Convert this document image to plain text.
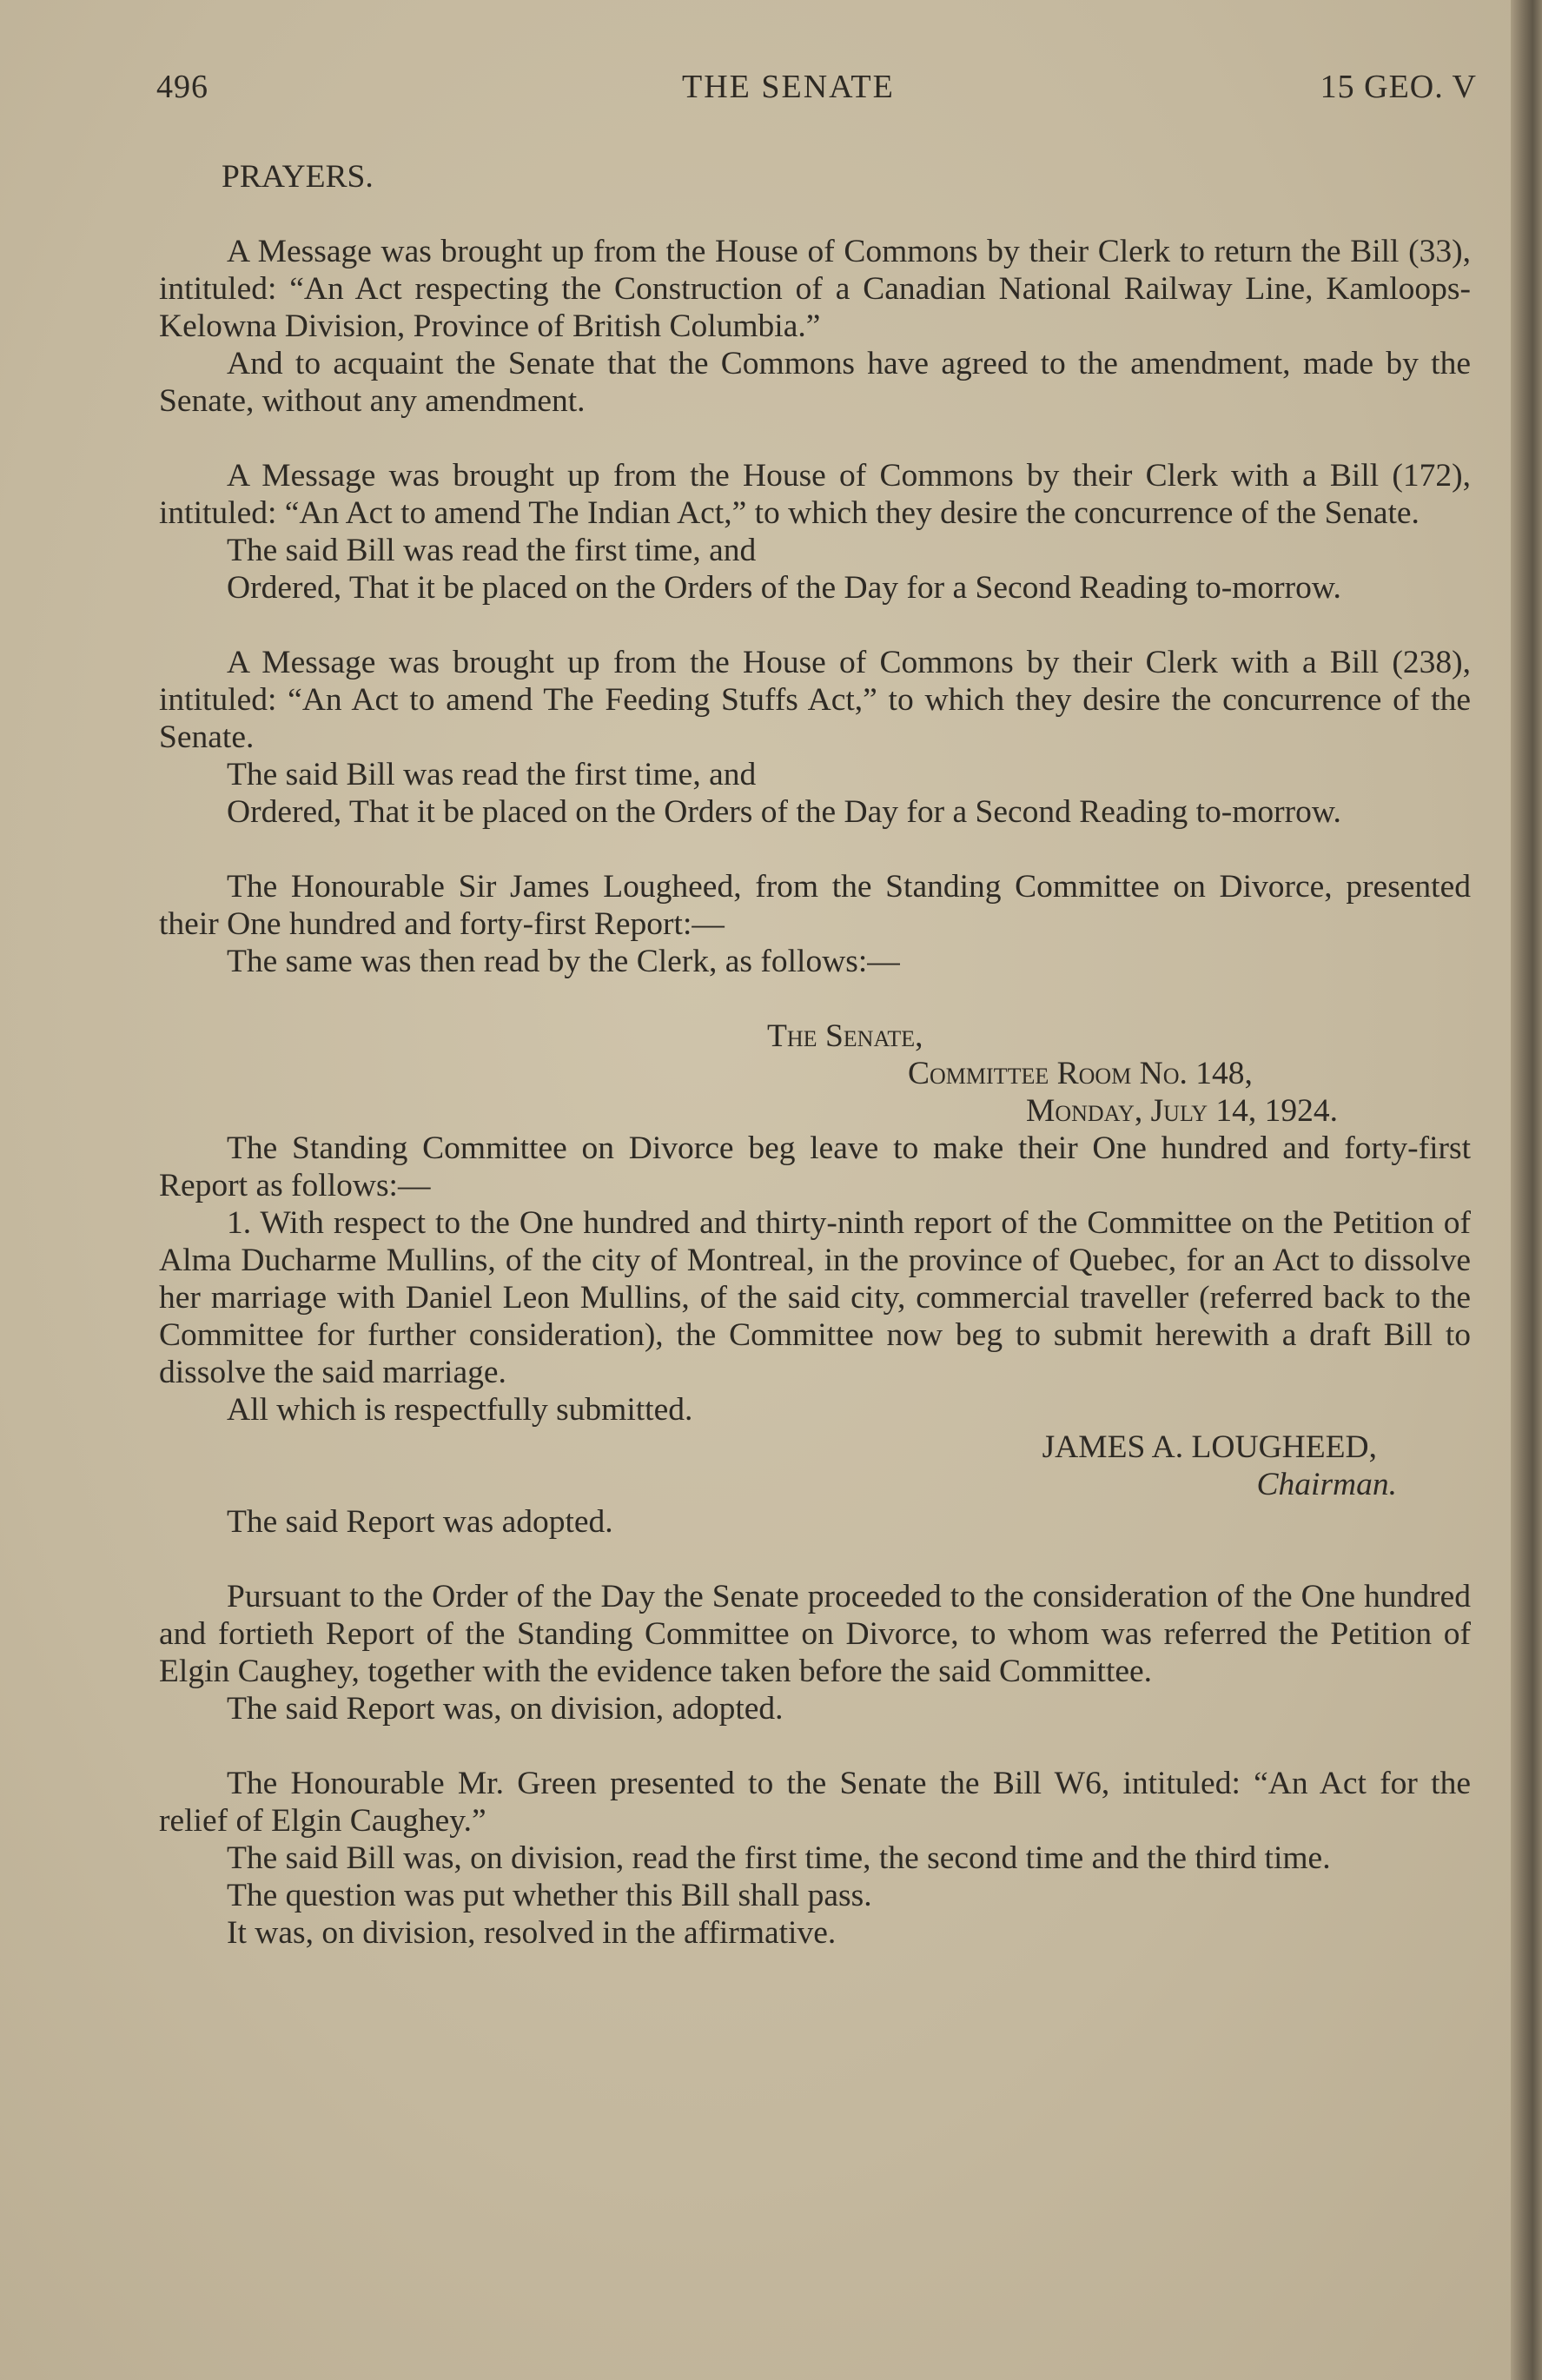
496	THE SENATE	15 GEO. V

PRAYERS.

A Message was brought up from the House of Commons by their Clerk to return the Bill (33), intituled: “An Act respecting the Construction of a Canadian National Railway Line, Kamloops-Kelowna Division, Province of British Columbia.”

And to acquaint the Senate that the Commons have agreed to the amendment, made by the Senate, without any amendment.

A Message was brought up from the House of Commons by their Clerk with a Bill (172), intituled: “An Act to amend The Indian Act,” to which they desire the concurrence of the Senate.

The said Bill was read the first time, and

Ordered, That it be placed on the Orders of the Day for a Second Reading to-morrow.

A Message was brought up from the House of Commons by their Clerk with a Bill (238), intituled: “An Act to amend The Feeding Stuffs Act,” to which they desire the concurrence of the Senate.

The said Bill was read the first time, and

Ordered, That it be placed on the Orders of the Day for a Second Reading to-morrow.

The Honourable Sir James Lougheed, from the Standing Committee on Divorce, presented their One hundred and forty-first Report:—

The same was then read by the Clerk, as follows:—

The Senate,

Committee Room No. 148,

Monday, July 14, 1924.

The Standing Committee on Divorce beg leave to make their One hundred and forty-first Report as follows:—

1. With respect to the One hundred and thirty-ninth report of the Committee on the Petition of Alma Ducharme Mullins, of the city of Montreal, in the province of Quebec, for an Act to dissolve her marriage with Daniel Leon Mullins, of the said city, commercial traveller (referred back to the Committee for further consideration), the Committee now beg to submit herewith a draft Bill to dissolve the said marriage.

All which is respectfully submitted.

JAMES A. LOUGHEED,

Chairman.

The said Report was adopted.

Pursuant to the Order of the Day the Senate proceeded to the consideration of the One hundred and fortieth Report of the Standing Committee on Divorce, to whom was referred the Petition of Elgin Caughey, together with the evidence taken before the said Committee.

The said Report was, on division, adopted.

The Honourable Mr. Green presented to the Senate the Bill W6, intituled: “An Act for the relief of Elgin Caughey.”

The said Bill was, on division, read the first time, the second time and the third time.

The question was put whether this Bill shall pass.

It was, on division, resolved in the affirmative.
